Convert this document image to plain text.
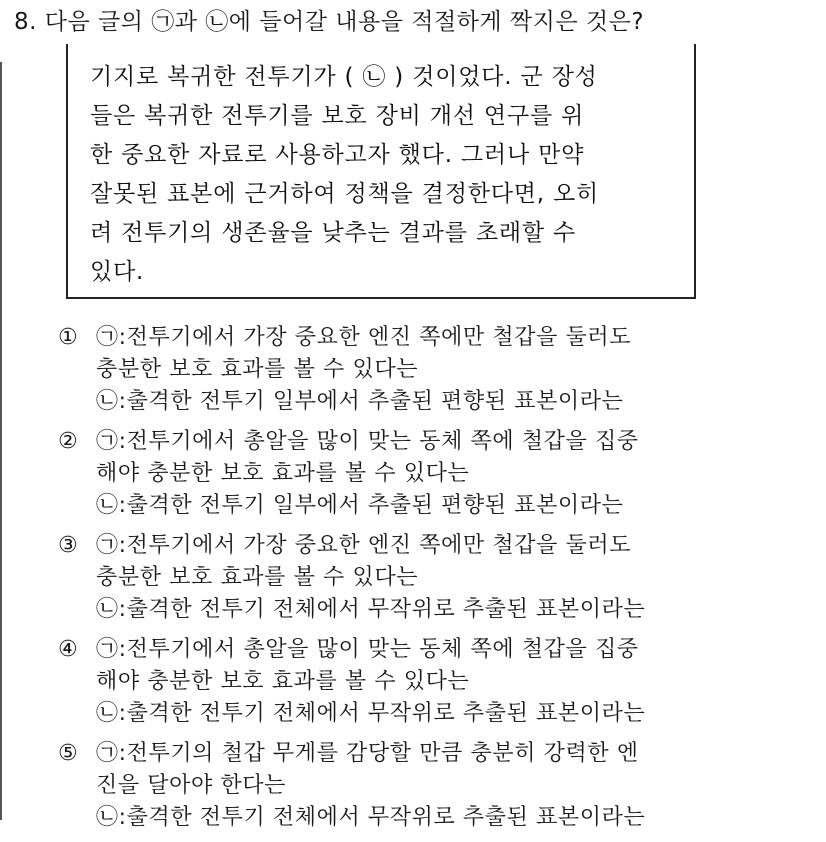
8. 다음 글의 ㉠과 ㉡에 들어갈 내용을 적절하게 짝지은 것은?
기지로 복귀한 전투기가 ( ㉡ ) 것이었다. 군 장성
들은 복귀한 전투기를 보호 장비 개선 연구를 위
한 중요한 자료로 사용하고자 했다. 그러나 만약
잘못된 표본에 근거하여 정책을 결정한다면, 오히
려 전투기의 생존율을 낮추는 결과를 초래할 수
있다.
① ㉠:전투기에서 가장 중요한 엔진 쪽에만 철갑을 둘러도
충분한 보호 효과를 볼 수 있다는
㉡:출격한 전투기 일부에서 추출된 편향된 표본이라는
② ㉠:전투기에서 총알을 많이 맞는 동체 쪽에 철갑을 집중
해야 충분한 보호 효과를 볼 수 있다는
㉡:출격한 전투기 일부에서 추출된 편향된 표본이라는
③ ㉠:전투기에서 가장 중요한 엔진 쪽에만 철갑을 둘러도
충분한 보호 효과를 볼 수 있다는
㉡:출격한 전투기 전체에서 무작위로 추출된 표본이라는
④ ㉠:전투기에서 총알을 많이 맞는 동체 쪽에 철갑을 집중
해야 충분한 보호 효과를 볼 수 있다는
㉡:출격한 전투기 전체에서 무작위로 추출된 표본이라는
⑤ ㉠:전투기의 철갑 무게를 감당할 만큼 충분히 강력한 엔
진을 달아야 한다는
㉡:출격한 전투기 전체에서 무작위로 추출된 표본이라는
